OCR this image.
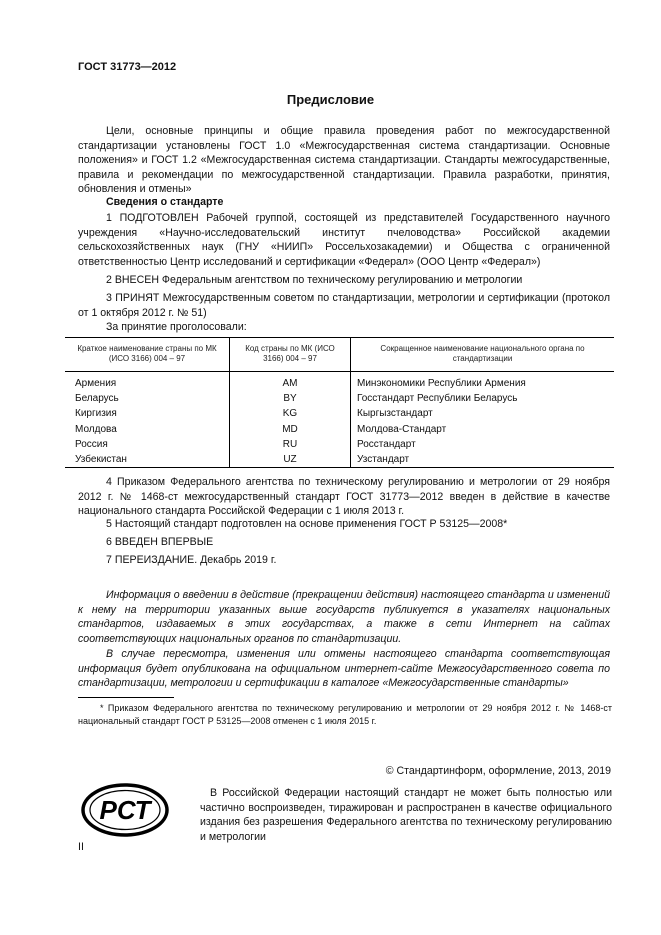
ГОСТ 31773—2012
Предисловие
Цели, основные принципы и общие правила проведения работ по межгосударственной стандартизации установлены ГОСТ 1.0 «Межгосударственная система стандартизации. Основные положения» и ГОСТ 1.2 «Межгосударственная система стандартизации. Стандарты межгосударственные, правила и рекомендации по межгосударственной стандартизации. Правила разработки, принятия, обновления и отмены»
Сведения о стандарте
1 ПОДГОТОВЛЕН Рабочей группой, состоящей из представителей Государственного научного учреждения «Научно-исследовательский институт пчеловодства» Российской академии сельскохозяйственных наук (ГНУ «НИИП» Россельхозакадемии) и Общества с ограниченной ответственностью Центр исследований и сертификации «Федерал» (ООО Центр «Федерал»)
2 ВНЕСЕН Федеральным агентством по техническому регулированию и метрологии
3 ПРИНЯТ Межгосударственным советом по стандартизации, метрологии и сертификации (протокол от 1 октября 2012 г. № 51)
За принятие проголосовали:
Краткое наименование страны по МК (ИСО 3166) 004 – 97	Код страны по МК (ИСО 3166) 004 – 97	Сокращенное наименование национального органа по стандартизации
Армения	AM	Минэкономики Республики Армения
Беларусь	BY	Госстандарт Республики Беларусь
Киргизия	KG	Кыргызстандарт
Молдова	MD	Молдова-Стандарт
Россия	RU	Росстандарт
Узбекистан	UZ	Узстандарт
4 Приказом Федерального агентства по техническому регулированию и метрологии от 29 ноября 2012 г. № 1468-ст межгосударственный стандарт ГОСТ 31773—2012 введен в действие в качестве национального стандарта Российской Федерации с 1 июля 2013 г.
5 Настоящий стандарт подготовлен на основе применения ГОСТ Р 53125—2008*
6 ВВЕДЕН ВПЕРВЫЕ
7 ПЕРЕИЗДАНИЕ. Декабрь 2019 г.
Информация о введении в действие (прекращении действия) настоящего стандарта и изменений к нему на территории указанных выше государств публикуется в указателях национальных стандартов, издаваемых в этих государствах, а также в сети Интернет на сайтах соответствующих национальных органов по стандартизации.
В случае пересмотра, изменения или отмены настоящего стандарта соответствующая информация будет опубликована на официальном интернет-сайте Межгосударственного совета по стандартизации, метрологии и сертификации в каталоге «Межгосударственные стандарты»
* Приказом Федерального агентства по техническому регулированию и метрологии от 29 ноября 2012 г. № 1468-ст национальный стандарт ГОСТ Р 53125—2008 отменен с 1 июля 2015 г.
© Стандартинформ, оформление, 2013, 2019
РСТ
В Российской Федерации настоящий стандарт не может быть полностью или частично воспроизведен, тиражирован и распространен в качестве официального издания без разрешения Федерального агентства по техническому регулированию и метрологии
II
